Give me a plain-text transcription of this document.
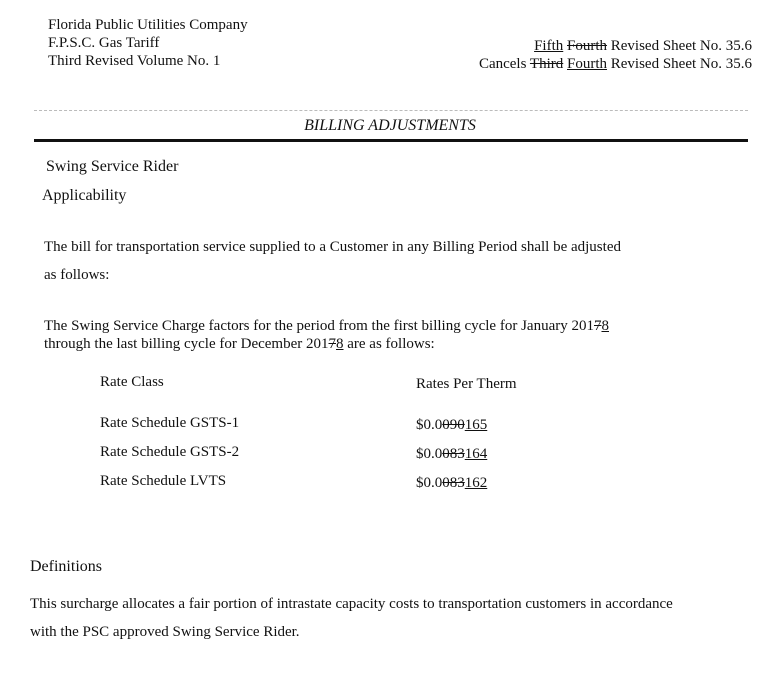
Florida Public Utilities Company
F.P.S.C. Gas Tariff
Third Revised Volume No. 1
Fifth Fourth Revised Sheet No. 35.6
Cancels Third Fourth Revised Sheet No. 35.6
BILLING ADJUSTMENTS
Swing Service Rider
Applicability
The bill for transportation service supplied to a Customer in any Billing Period shall be adjusted
as follows:
The Swing Service Charge factors for the period from the first billing cycle for January 20178
through the last billing cycle for December 20178 are as follows:
Rate Class	Rates Per Therm
Rate Schedule GSTS-1	$0.0090165
Rate Schedule GSTS-2	$0.0083164
Rate Schedule LVTS	$0.0083162
Definitions
This surcharge allocates a fair portion of intrastate capacity costs to transportation customers in accordance
with the PSC approved Swing Service Rider.
